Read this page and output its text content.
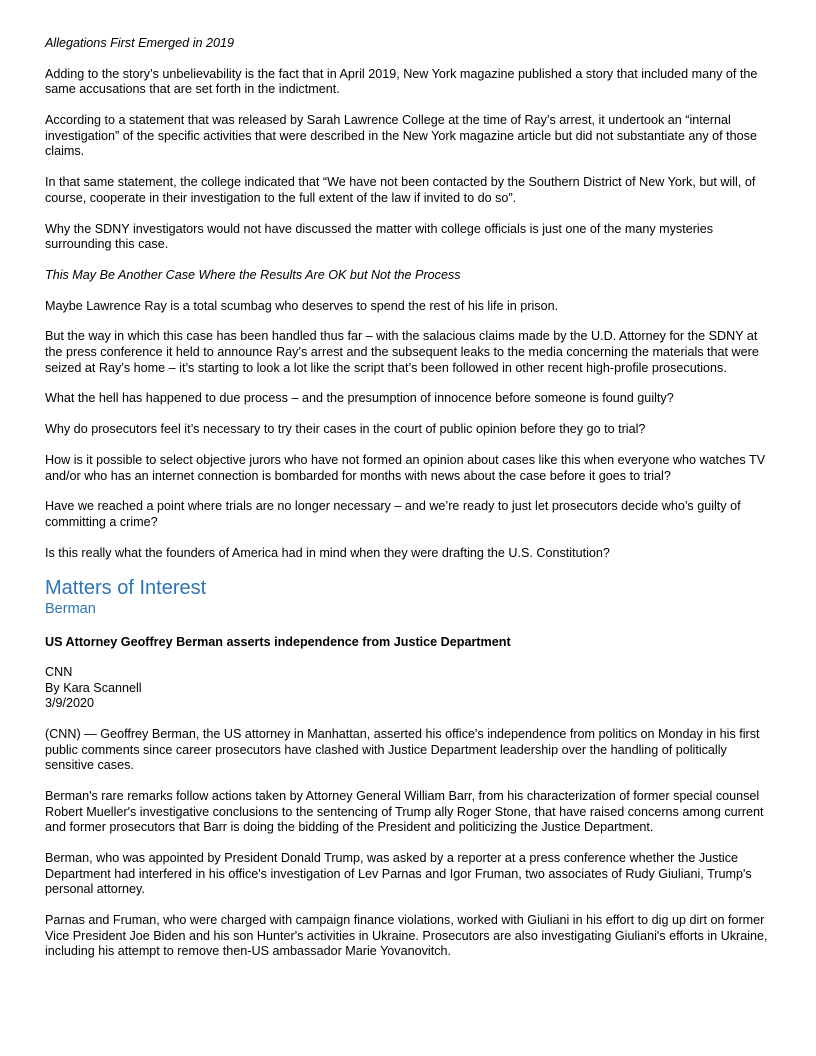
Allegations First Emerged in 2019

Adding to the story’s unbelievability is the fact that in April 2019, New York magazine published a story that included many of the same accusations that are set forth in the indictment.

According to a statement that was released by Sarah Lawrence College at the time of Ray’s arrest, it undertook an “internal investigation” of the specific activities that were described in the New York magazine article but did not substantiate any of those claims.

In that same statement, the college indicated that “We have not been contacted by the Southern District of New York, but will, of course, cooperate in their investigation to the full extent of the law if invited to do so”.

Why the SDNY investigators would not have discussed the matter with college officials is just one of the many mysteries surrounding this case.

This May Be Another Case Where the Results Are OK but Not the Process

Maybe Lawrence Ray is a total scumbag who deserves to spend the rest of his life in prison.

But the way in which this case has been handled thus far – with the salacious claims made by the U.D. Attorney for the SDNY at the press conference it held to announce Ray’s arrest and the subsequent leaks to the media concerning the materials that were seized at Ray’s home – it’s starting to look a lot like the script that’s been followed in other recent high-profile prosecutions.

What the hell has happened to due process – and the presumption of innocence before someone is found guilty?

Why do prosecutors feel it’s necessary to try their cases in the court of public opinion before they go to trial?

How is it possible to select objective jurors who have not formed an opinion about cases like this when everyone who watches TV and/or who has an internet connection is bombarded for months with news about the case before it goes to trial?

Have we reached a point where trials are no longer necessary – and we’re ready to just let prosecutors decide who’s guilty of committing a crime?

Is this really what the founders of America had in mind when they were drafting the U.S. Constitution?

Matters of Interest
Berman

US Attorney Geoffrey Berman asserts independence from Justice Department

CNN
By Kara Scannell
3/9/2020

(CNN) — Geoffrey Berman, the US attorney in Manhattan, asserted his office's independence from politics on Monday in his first public comments since career prosecutors have clashed with Justice Department leadership over the handling of politically sensitive cases.

Berman's rare remarks follow actions taken by Attorney General William Barr, from his characterization of former special counsel Robert Mueller's investigative conclusions to the sentencing of Trump ally Roger Stone, that have raised concerns among current and former prosecutors that Barr is doing the bidding of the President and politicizing the Justice Department.

Berman, who was appointed by President Donald Trump, was asked by a reporter at a press conference whether the Justice Department had interfered in his office's investigation of Lev Parnas and Igor Fruman, two associates of Rudy Giuliani, Trump's personal attorney.

Parnas and Fruman, who were charged with campaign finance violations, worked with Giuliani in his effort to dig up dirt on former Vice President Joe Biden and his son Hunter's activities in Ukraine. Prosecutors are also investigating Giuliani's efforts in Ukraine, including his attempt to remove then-US ambassador Marie Yovanovitch.
